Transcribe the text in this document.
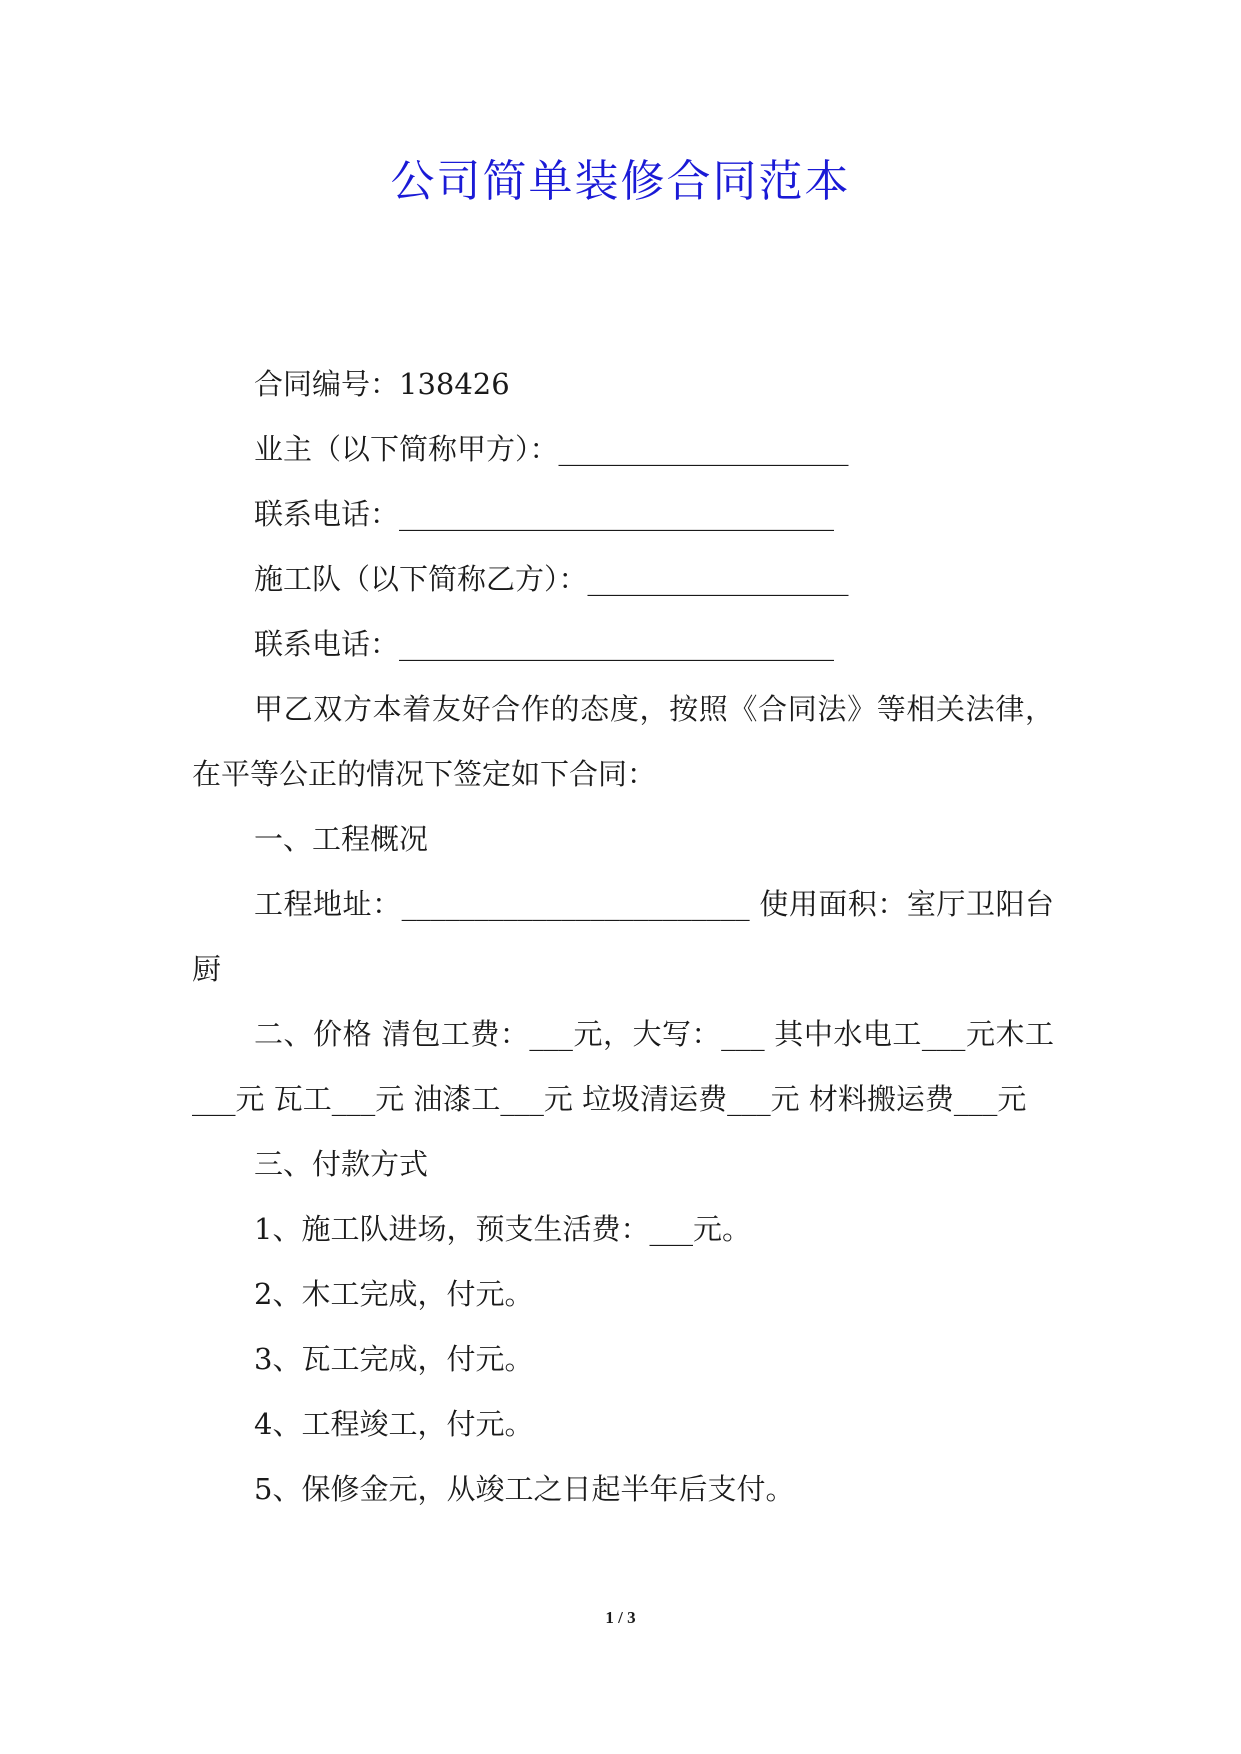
公司简单装修合同范本

合同编号：138426

业主（以下简称甲方）：____________________

联系电话：______________________________

施工队（以下简称乙方）：__________________

联系电话：______________________________

甲乙双方本着友好合作的态度，按照《合同法》等相关法律，在平等公正的情况下签定如下合同：

一、工程概况

工程地址：________________________ 使用面积：室厅卫阳台厨

二、价格 清包工费：___元，大写：___ 其中水电工___元木工___元 瓦工___元 油漆工___元 垃圾清运费___元 材料搬运费___元

三、付款方式

1、施工队进场，预支生活费：___元。

2、木工完成，付元。

3、瓦工完成，付元。

4、工程竣工，付元。

5、保修金元，从竣工之日起半年后支付。

1 / 3
